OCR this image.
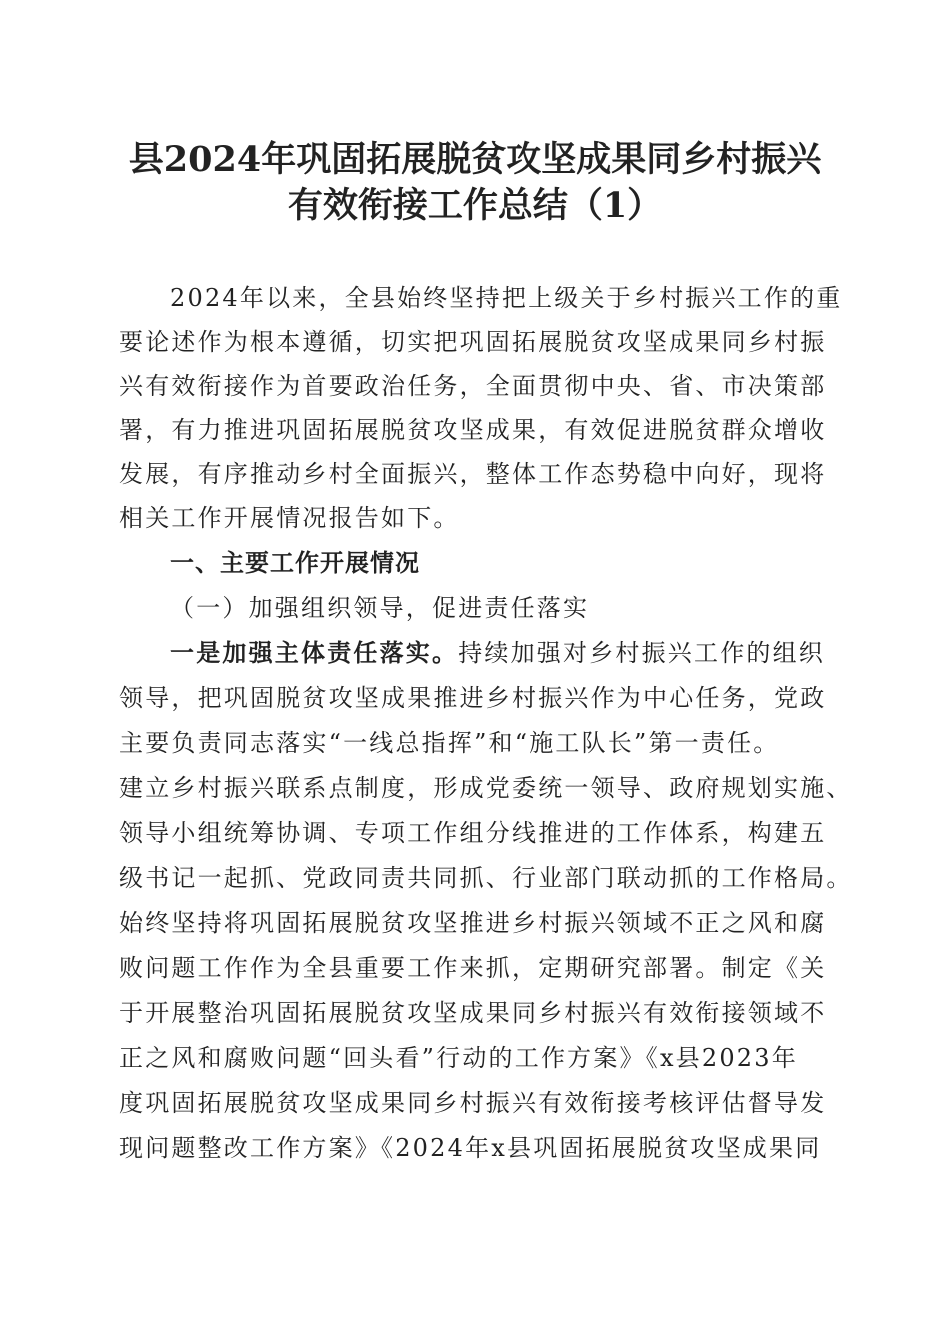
县2024年巩固拓展脱贫攻坚成果同乡村振兴
有效衔接工作总结（1）
2024年以来，全县始终坚持把上级关于乡村振兴工作的重
要论述作为根本遵循，切实把巩固拓展脱贫攻坚成果同乡村振
兴有效衔接作为首要政治任务，全面贯彻中央、省、市决策部
署，有力推进巩固拓展脱贫攻坚成果，有效促进脱贫群众增收
发展，有序推动乡村全面振兴，整体工作态势稳中向好，现将
相关工作开展情况报告如下。
一、主要工作开展情况
（一）加强组织领导，促进责任落实
一是加强主体责任落实。持续加强对乡村振兴工作的组织
领导，把巩固脱贫攻坚成果推进乡村振兴作为中心任务，党政
主要负责同志落实“一线总指挥”和“施工队长”第一责任。
建立乡村振兴联系点制度，形成党委统一领导、政府规划实施、
领导小组统筹协调、专项工作组分线推进的工作体系，构建五
级书记一起抓、党政同责共同抓、行业部门联动抓的工作格局。
始终坚持将巩固拓展脱贫攻坚推进乡村振兴领域不正之风和腐
败问题工作作为全县重要工作来抓，定期研究部署。制定《关
于开展整治巩固拓展脱贫攻坚成果同乡村振兴有效衔接领域不
正之风和腐败问题“回头看”行动的工作方案》《x县2023年
度巩固拓展脱贫攻坚成果同乡村振兴有效衔接考核评估督导发
现问题整改工作方案》《2024年x县巩固拓展脱贫攻坚成果同
